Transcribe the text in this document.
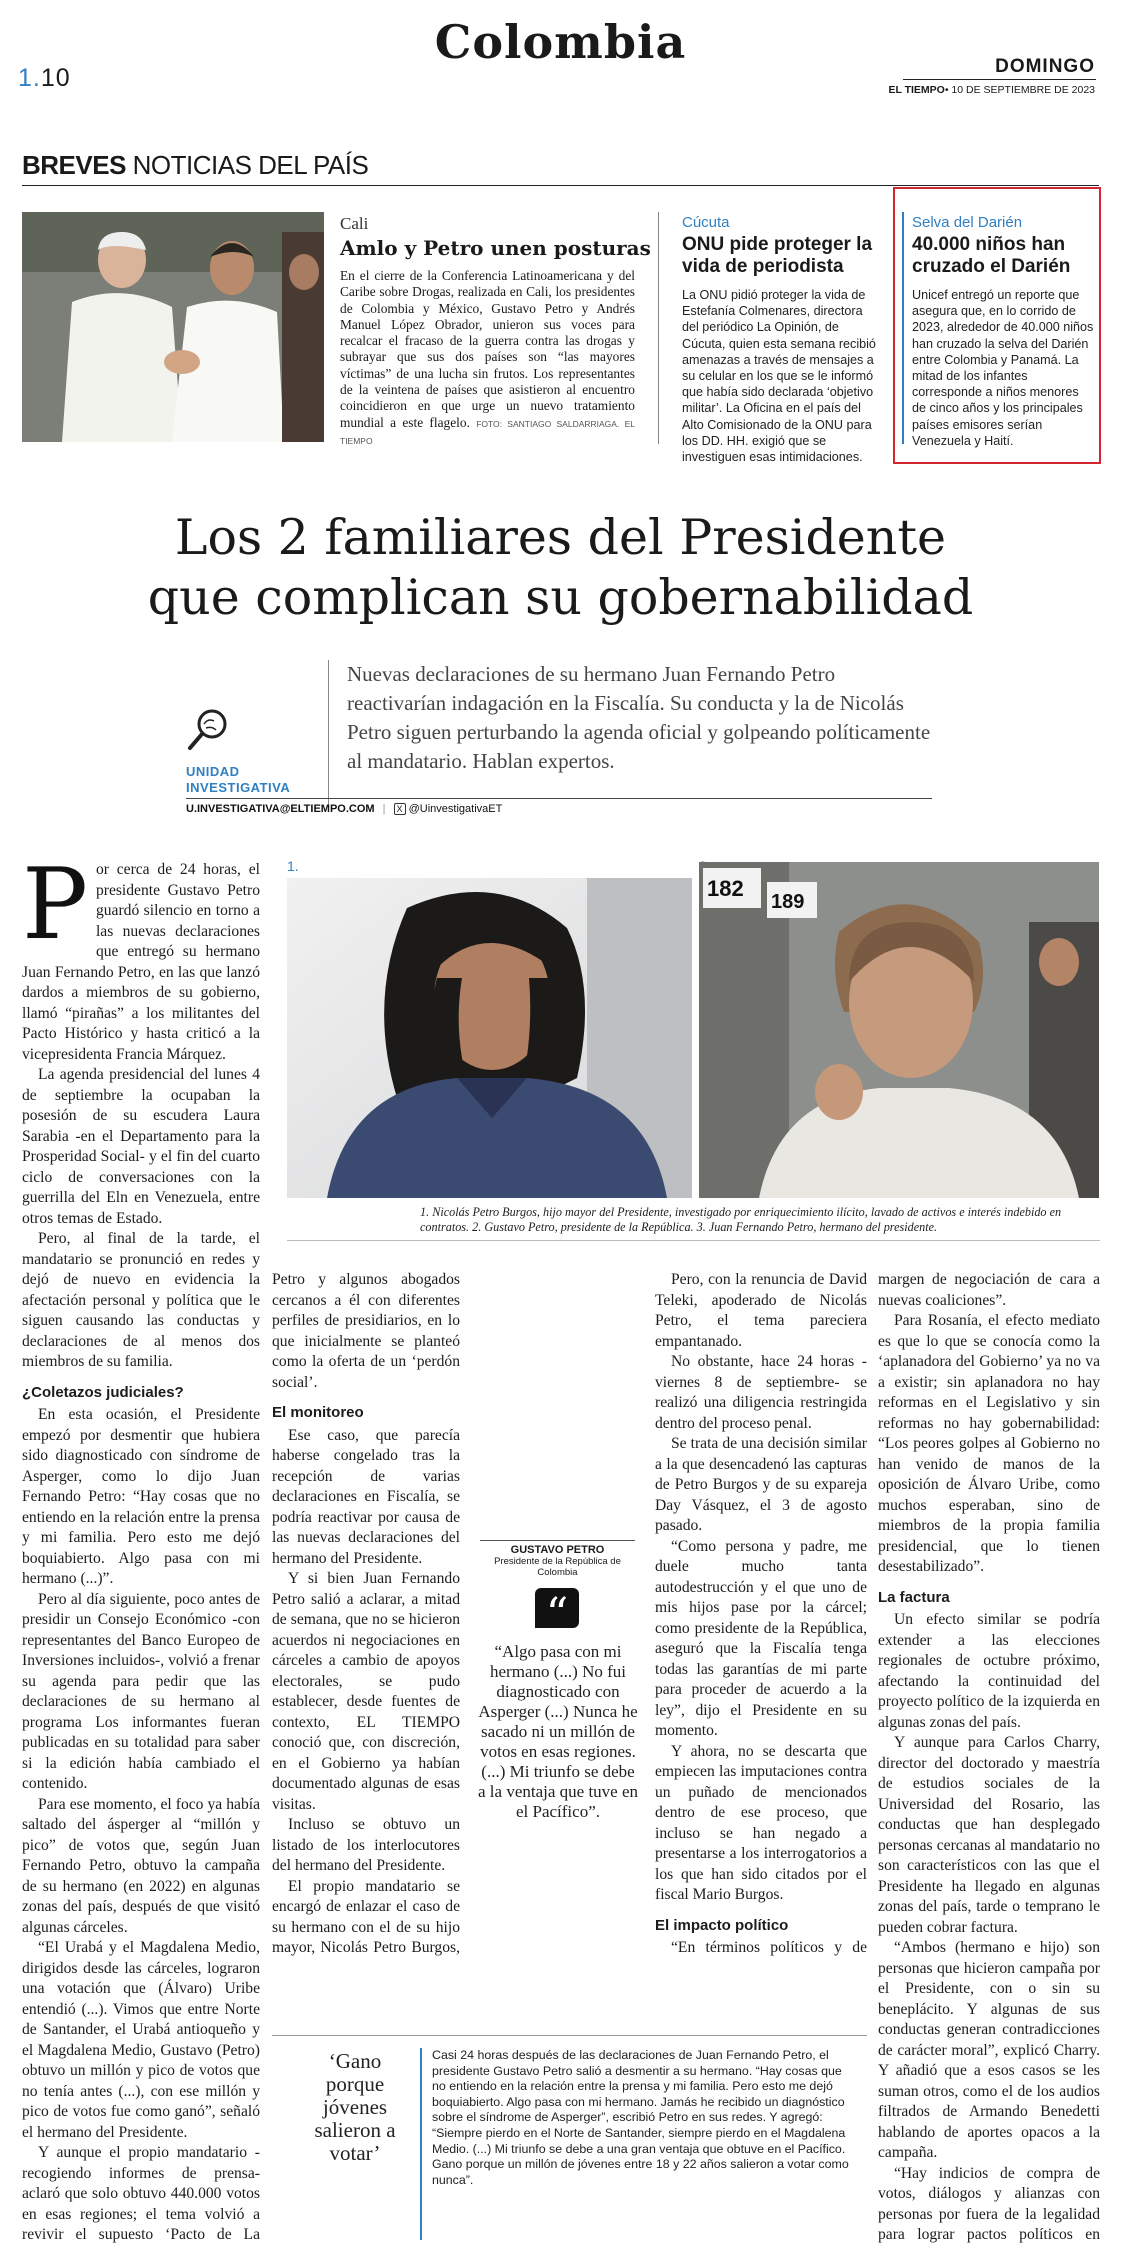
1.10
Colombia	DOMINGO
EL TIEMPO• 10 DE SEPTIEMBRE DE 2023
BREVES NOTICIAS DEL PAÍS
Cali
Amlo y Petro unen posturas
En el cierre de la Conferencia Latinoamericana y del Caribe sobre Drogas, realizada en Cali, los presidentes de Colombia y México, Gustavo Petro y Andrés Manuel López Obrador, unieron sus voces para recalcar el fracaso de la guerra contra las drogas y subrayar que sus dos países son “las mayores víctimas” de una lucha sin frutos. Los representantes de la veintena de países que asistieron al encuentro coincidieron en que urge un nuevo tratamiento mundial a este flagelo. FOTO: SANTIAGO SALDARRIAGA. EL TIEMPO
Cúcuta
ONU pide proteger la vida de periodista
La ONU pidió proteger la vida de Estefanía Colmenares, directora del periódico La Opinión, de Cúcuta, quien esta semana recibió amenazas a través de mensajes a su celular en los que se le informó que había sido declarada ‘objetivo militar’. La Oficina en el país del Alto Comisionado de la ONU para los DD. HH. exigió que se investiguen esas intimidaciones.
Selva del Darién
40.000 niños han cruzado el Darién
Unicef entregó un reporte que asegura que, en lo corrido de 2023, alrededor de 40.000 niños han cruzado la selva del Darién entre Colombia y Panamá. La mitad de los infantes corresponde a niños menores de cinco años y los principales países emisores serían Venezuela y Haití.
Los 2 familiares del Presidente
que complican su gobernabilidad
UNIDAD
INVESTIGATIVA
Nuevas declaraciones de su hermano Juan Fernando Petro reactivarían indagación en la Fiscalía. Su conducta y la de Nicolás Petro siguen perturbando la agenda oficial y golpeando políticamente al mandatario. Hablan expertos.
U.INVESTIGATIVA@ELTIEMPO.COM | X @UinvestigativaET
1.
182
189
1. Nicolás Petro Burgos, hijo mayor del Presidente, investigado por enriquecimiento ilícito, lavado de activos e interés indebido en contratos. 2. Gustavo Petro, presidente de la República. 3. Juan Fernando Petro, hermano del presidente.
P or cerca de 24 horas, el presidente Gustavo Petro guardó silencio en torno a las nuevas declaraciones que entregó su hermano Juan Fernando Petro, en las que lanzó dardos a miembros de su gobierno, llamó “pirañas” a los militantes del Pacto Histórico y hasta criticó a la vicepresidenta Francia Márquez.

La agenda presidencial del lunes 4 de septiembre la ocupaban la posesión de su escudera Laura Sarabia -en el Departamento para la Prosperidad Social- y el fin del cuarto ciclo de conversaciones con la guerrilla del Eln en Venezuela, entre otros temas de Estado.

Pero, al final de la tarde, el mandatario se pronunció en redes y dejó de nuevo en evidencia la afectación personal y política que le siguen causando las conductas y declaraciones de al menos dos miembros de su familia.

¿Coletazos judiciales?

En esta ocasión, el Presidente empezó por desmentir que hubiera sido diagnosticado con síndrome de Asperger, como lo dijo Juan Fernando Petro: “Hay cosas que no entiendo en la relación entre la prensa y mi familia. Pero esto me dejó boquiabierto. Algo pasa con mi hermano (...)”.

Pero al día siguiente, poco antes de presidir un Consejo Económico -con representantes del Banco Europeo de Inversiones incluidos-, volvió a frenar su agenda para pedir que las declaraciones de su hermano al programa Los informantes fueran publicadas en su totalidad para saber si la edición había cambiado el contenido.

Para ese momento, el foco ya había saltado del ásperger al “millón y pico” de votos que, según Juan Fernando Petro, obtuvo la campaña de su hermano (en 2022) en algunas zonas del país, después de que visitó algunas cárceles.

“El Urabá y el Magdalena Medio, dirigidos desde las cárceles, lograron una votación que (Álvaro) Uribe entendió (...). Vimos que entre Norte de Santander, el Urabá antioqueño y el Magdalena Medio, Gustavo (Petro) obtuvo un millón y pico de votos que no tenía antes (...), con ese millón y pico de votos fue como ganó”, señaló el hermano del Presidente.

Y aunque el propio mandatario -recogiendo informes de prensa- aclaró que solo obtuvo 440.000 votos en esas regiones; el tema volvió a revivir el supuesto ‘Pacto de La

Petro y algunos abogados cercanos a él con diferentes perfiles de presidiarios, en lo que inicialmente se planteó como la oferta de un ‘perdón social’.

El monitoreo

Ese caso, que parecía haberse congelado tras la recepción de varias declaraciones en Fiscalía, se podría reactivar por causa de las nuevas declaraciones del hermano del Presidente.

Y si bien Juan Fernando Petro salió a aclarar, a mitad de semana, que no se hicieron acuerdos ni negociaciones en cárceles a cambio de apoyos electorales, se pudo establecer, desde fuentes de contexto, EL TIEMPO conoció que, con discreción, en el Gobierno ya habían documentado algunas de esas visitas.

Incluso se obtuvo un listado de los interlocutores del hermano del Presidente.

El propio mandatario se encargó de enlazar el caso de su hermano con el de su hijo mayor, Nicolás Petro Burgos,

GUSTAVO PETRO
Presidente de la República de Colombia
“
“Algo pasa con mi hermano (...) No fui diagnosticado con Asperger (...) Nunca he sacado ni un millón de votos en esas regiones. (...) Mi triunfo se debe a la ventaja que tuve en el Pacífico”.

Pero, con la renuncia de David Teleki, apoderado de Nicolás Petro, el tema pareciera empantanado.

No obstante, hace 24 horas -viernes 8 de septiembre- se realizó una diligencia restringida dentro del proceso penal.

Se trata de una decisión similar a la que desencadenó las capturas de Petro Burgos y de su expareja Day Vásquez, el 3 de agosto pasado.

“Como persona y padre, me duele mucho tanta autodestrucción y el que uno de mis hijos pase por la cárcel; como presidente de la República, aseguró que la Fiscalía tenga todas las garantías de mi parte para proceder de acuerdo a la ley”, dijo el Presidente en su momento.

Y ahora, no se descarta que empiecen las imputaciones contra un puñado de mencionados dentro de ese proceso, que incluso se han negado a presentarse a los interrogatorios a los que han sido citados por el fiscal Mario Burgos.

El impacto político

“En términos políticos y de

margen de negociación de cara a nuevas coaliciones”.

Para Rosanía, el efecto mediato es que lo que se conocía como la ‘aplanadora del Gobierno’ ya no va a existir; sin aplanadora no hay reformas en el Legislativo y sin reformas no hay gobernabilidad: “Los peores golpes al Gobierno no han venido de manos de la oposición de Álvaro Uribe, como muchos esperaban, sino de miembros de la propia familia presidencial, que lo tienen desestabilizado”.

La factura

Un efecto similar se podría extender a las elecciones regionales de octubre próximo, afectando la continuidad del proyecto político de la izquierda en algunas zonas del país.

Y aunque para Carlos Charry, director del doctorado y maestría de estudios sociales de la Universidad del Rosario, las conductas que han desplegado personas cercanas al mandatario no son característicos con las que el Presidente ha llegado en algunas zonas del país, tarde o temprano le pueden cobrar factura.

“Ambos (hermano e hijo) son personas que hicieron campaña por el Presidente, con o sin su beneplácito. Y algunas de sus conductas generan contradicciones de carácter moral”, explicó Charry. Y añadió que a esos casos se les suman otros, como el de los audios filtrados de Armando Benedetti hablando de aportes opacos a la campaña.

“Hay indicios de compra de votos, diálogos y alianzas con personas por fuera de la legalidad para lograr pactos políticos en

‘Gano porque jóvenes salieron a votar’
Casi 24 horas después de las declaraciones de Juan Fernando Petro, el presidente Gustavo Petro salió a desmentir a su hermano. “Hay cosas que no entiendo en la relación entre la prensa y mi familia. Pero esto me dejó boquiabierto. Algo pasa con mi hermano. Jamás he recibido un diagnóstico sobre el síndrome de Asperger”, escribió Petro en sus redes. Y agregó: “Siempre pierdo en el Norte de Santander, siempre pierdo en el Magdalena Medio. (...) Mi triunfo se debe a una gran ventaja que obtuve en el Pacífico. Gano porque un millón de jóvenes entre 18 y 22 años salieron a votar como nunca”.
